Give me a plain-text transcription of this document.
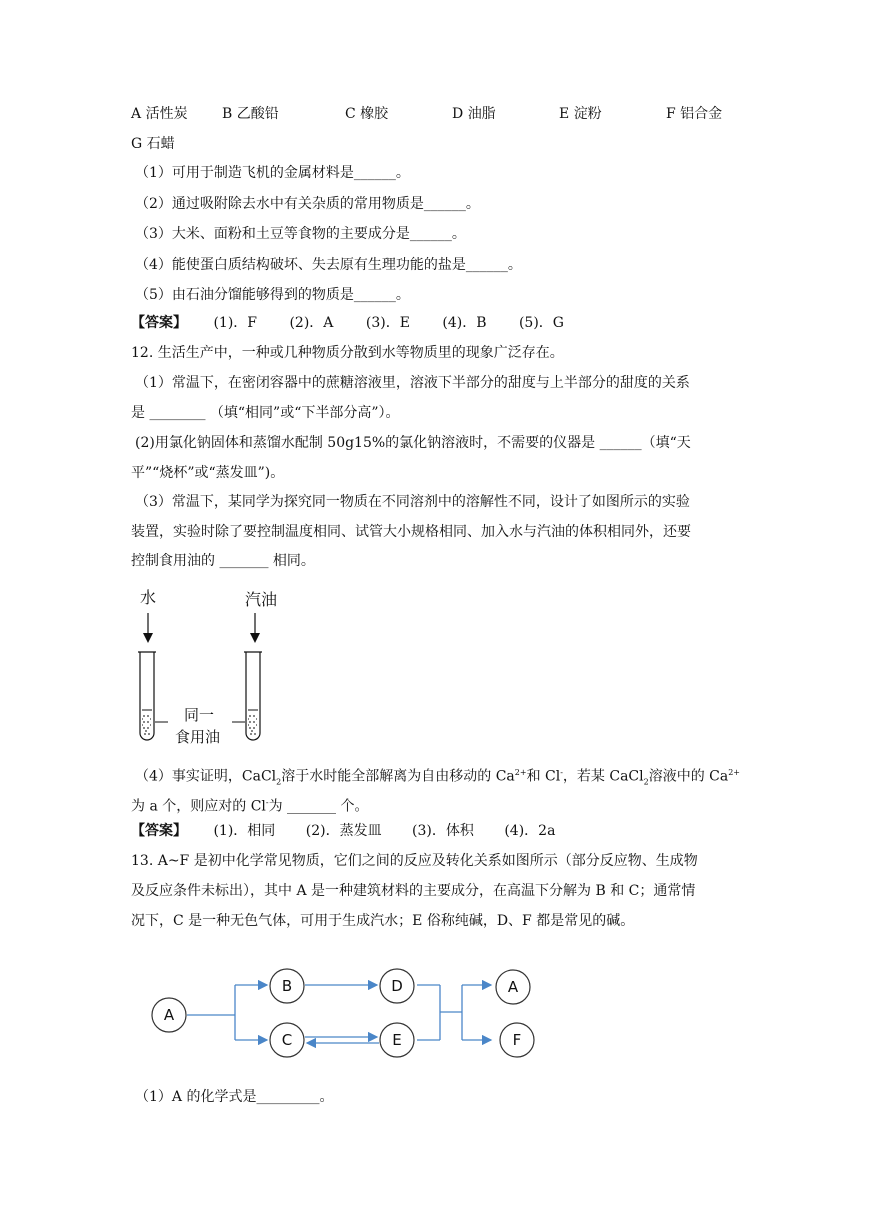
A 活性炭 B 乙酸铅	C 橡胶	D 油脂	E 淀粉	F 铝合金
G 石蜡
（1）可用于制造飞机的金属材料是______。
（2）通过吸附除去水中有关杂质的常用物质是______。
（3）大米、面粉和土豆等食物的主要成分是______。
（4）能使蛋白质结构破坏、失去原有生理功能的盐是______。
（5）由石油分馏能够得到的物质是______。
【答案】 (1)．F (2)．A (3)．E (4)．B (5)．G
12. 生活生产中，一种或几种物质分散到水等物质里的现象广泛存在。
（1）常温下，在密闭容器中的蔗糖溶液里，溶液下半部分的甜度与上半部分的甜度的关系
是 ________ （填“相同”或“下半部分高”）。
(2)用氯化钠固体和蒸馏水配制 50g15%的氯化钠溶液时，不需要的仪器是 ______（填“天
平”“烧杯”或“蒸发皿”)。
（3）常温下，某同学为探究同一物质在不同溶剂中的溶解性不同，设计了如图所示的实验
装置，实验时除了要控制温度相同、试管大小规格相同、加入水与汽油的体积相同外，还要
控制食用油的 _______ 相同。
水	汽油
同一
食用油
（4）事实证明，CaCl$_2$溶于水时能全部解离为自由移动的 $Ca^{2+}$和 Cl-，若某 CaCl$_2$溶液中的 $Ca^{2+}$
为 a 个，则应对的 Cl-为 _______ 个。
【答案】 (1)．相同 (2)．蒸发皿 (3)．体积 (4)．2a
13. A~F 是初中化学常见物质，它们之间的反应及转化关系如图所示（部分反应物、生成物
及反应条件未标出），其中 A 是一种建筑材料的主要成分，在高温下分解为 B 和 C；通常情
况下，C 是一种无色气体，可用于生成汽水；E 俗称纯碱，D、F 都是常见的碱。
A
B
C
D
E
A
F
（1）A 的化学式是_________。
